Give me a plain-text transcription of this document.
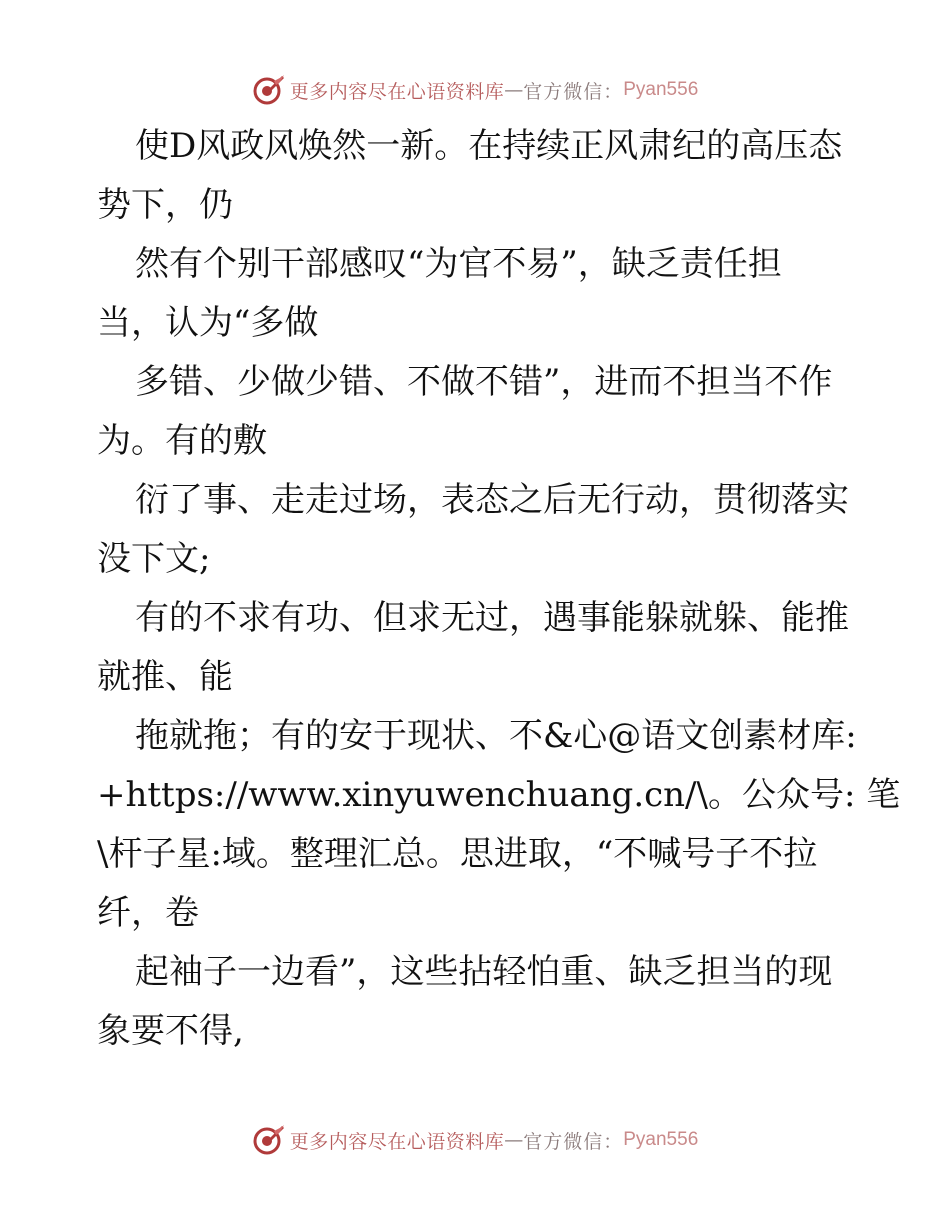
更多内容尽在心语资料库 — 官方微信： Pyan556
使D风政风焕然一新。在持续正风肃纪的高压态
势下，仍
然有个别干部感叹“为官不易”，缺乏责任担
当，认为“多做
多错、少做少错、不做不错”，进而不担当不作
为。有的敷
衍了事、走走过场，表态之后无行动，贯彻落实
没下文;
有的不求有功、但求无过，遇事能躲就躲、能推
就推、能
拖就拖；有的安于现状、不&心@语文创素材库:
+https://www.xinyuwenchuang.cn/\。公众号: 笔
\杆子星:域。整理汇总。思进取，“不喊号子不拉
纤，卷
起袖子一边看”，这些拈轻怕重、缺乏担当的现
象要不得,
更多内容尽在心语资料库 — 官方微信： Pyan556
